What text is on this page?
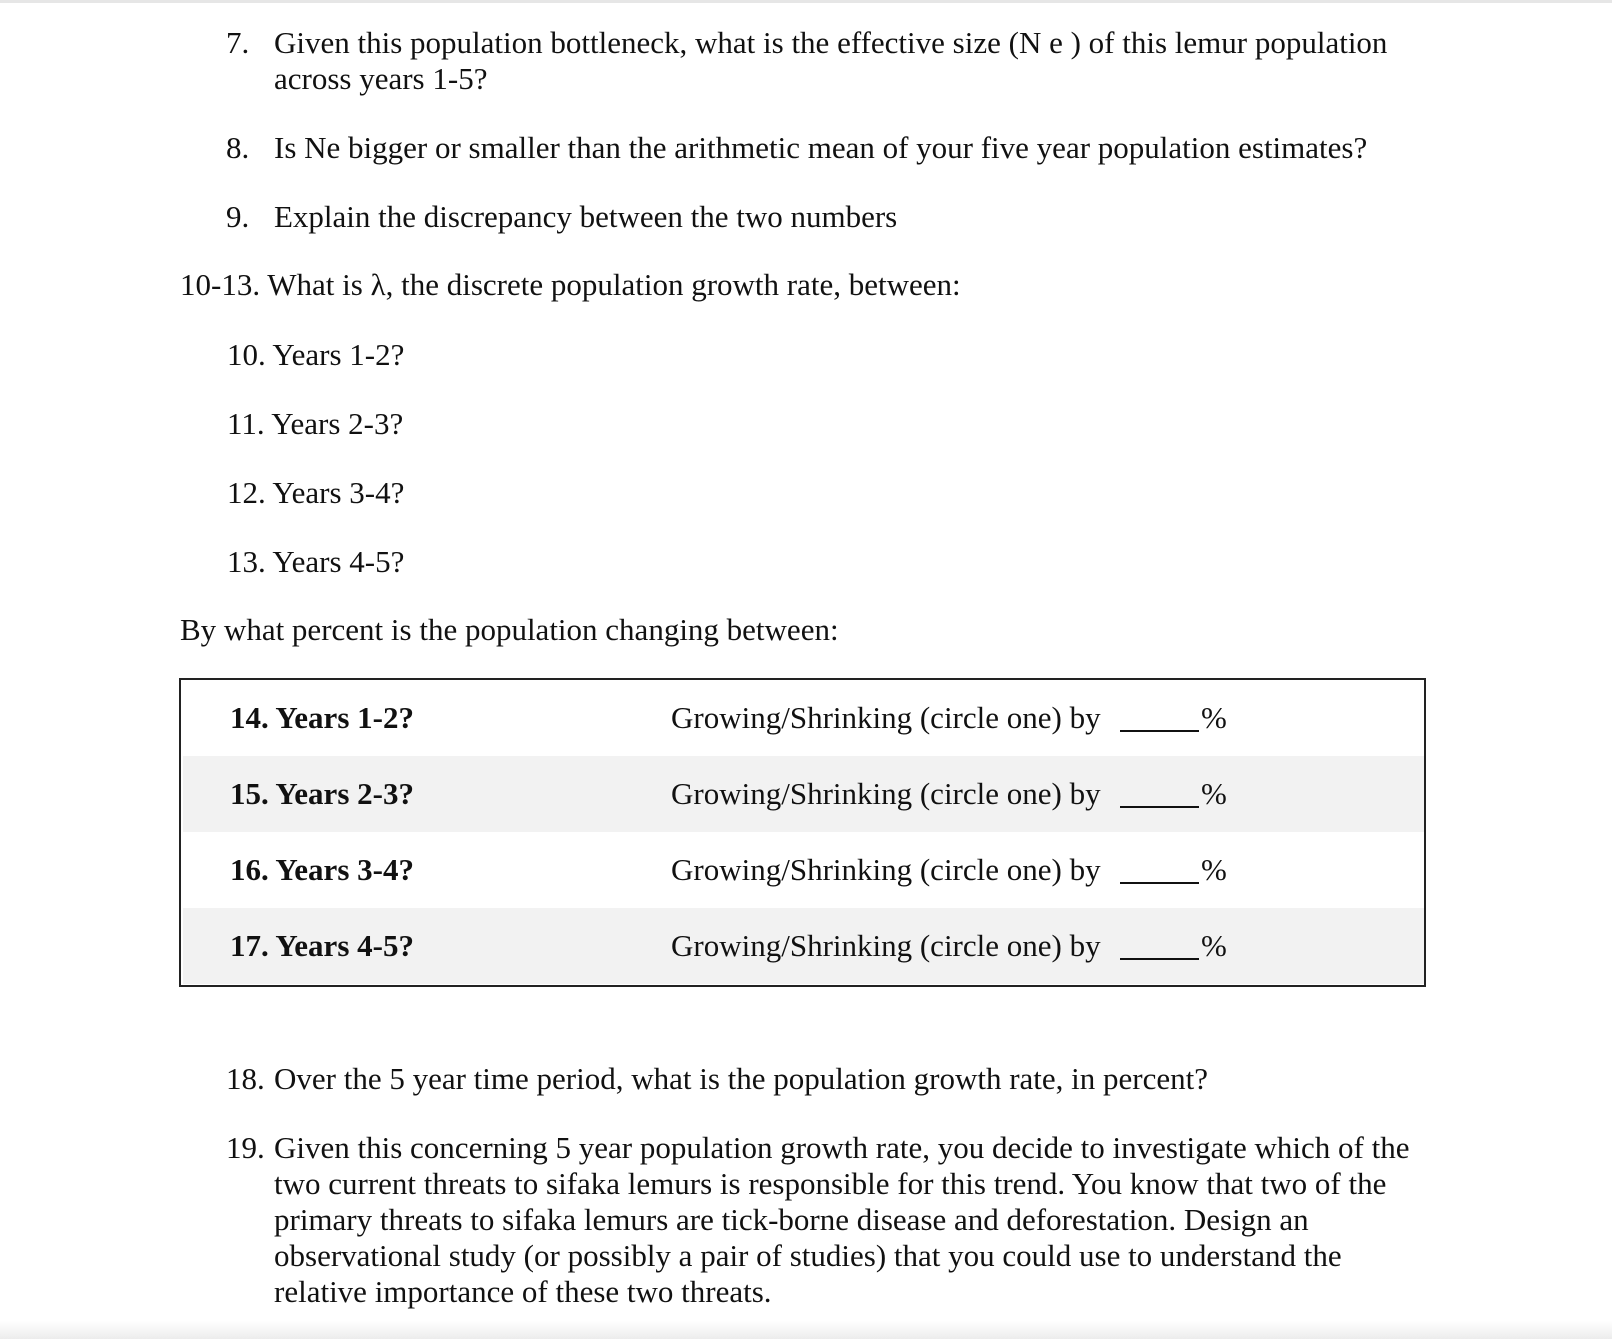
7. Given this population bottleneck, what is the effective size (N e ) of this lemur population across years 1-5?
8. Is Ne bigger or smaller than the arithmetic mean of your five year population estimates?
9. Explain the discrepancy between the two numbers
10-13. What is λ, the discrete population growth rate, between:
10. Years 1-2?
11. Years 2-3?
12. Years 3-4?
13. Years 4-5?
By what percent is the population changing between:
14. Years 1-2?	Growing/Shrinking (circle one) by	%
15. Years 2-3?	Growing/Shrinking (circle one) by	%
16. Years 3-4?	Growing/Shrinking (circle one) by	%
17. Years 4-5?	Growing/Shrinking (circle one) by	%
18. Over the 5 year time period, what is the population growth rate, in percent?
19. Given this concerning 5 year population growth rate, you decide to investigate which of the two current threats to sifaka lemurs is responsible for this trend. You know that two of the primary threats to sifaka lemurs are tick-borne disease and deforestation. Design an observational study (or possibly a pair of studies) that you could use to understand the relative importance of these two threats.
